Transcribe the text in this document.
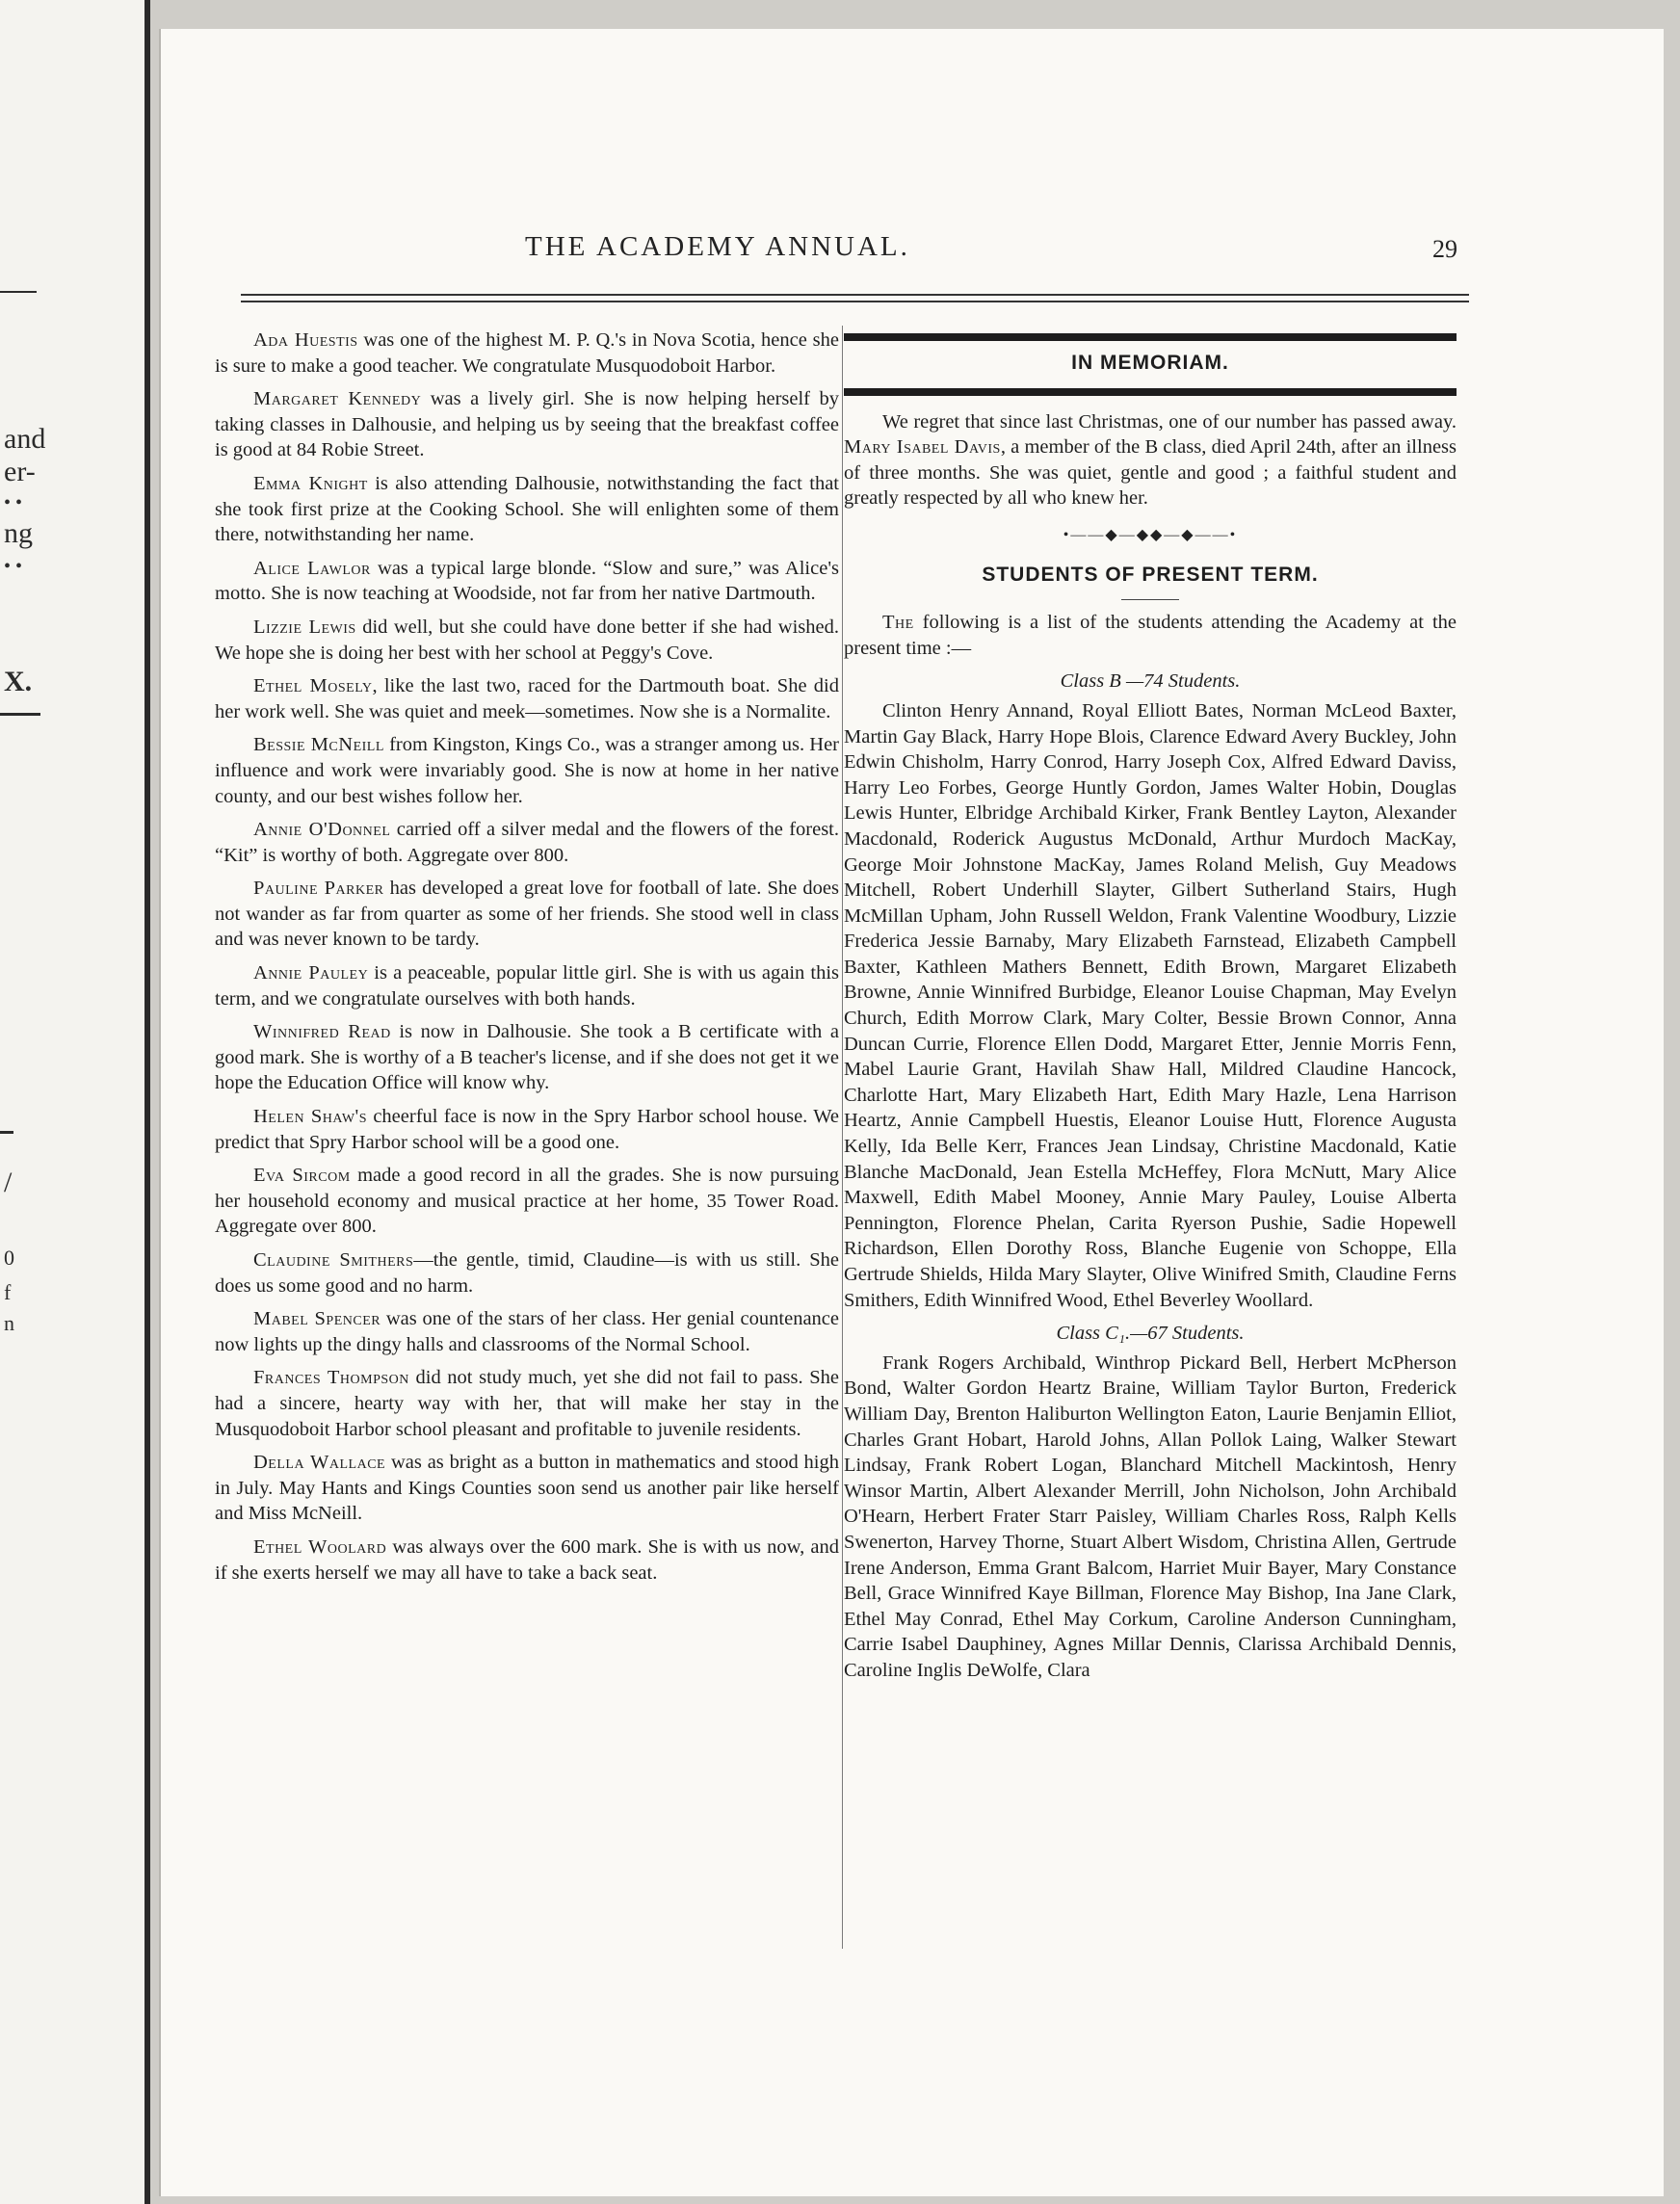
and
er-
• •
ng
• •
X.
/
0
f
n
THE ACADEMY ANNUAL.	29

Ada Huestis was one of the highest M. P. Q.'s in Nova Scotia, hence she is sure to make a good teacher. We congratulate Musquodoboit Harbor.

Margaret Kennedy was a lively girl. She is now helping herself by taking classes in Dalhousie, and helping us by seeing that the breakfast coffee is good at 84 Robie Street.

Emma Knight is also attending Dalhousie, notwithstanding the fact that she took first prize at the Cooking School. She will enlighten some of them there, notwithstanding her name.

Alice Lawlor was a typical large blonde. “Slow and sure,” was Alice's motto. She is now teaching at Woodside, not far from her native Dartmouth.

Lizzie Lewis did well, but she could have done better if she had wished. We hope she is doing her best with her school at Peggy's Cove.

Ethel Mosely, like the last two, raced for the Dartmouth boat. She did her work well. She was quiet and meek—sometimes. Now she is a Normalite.

Bessie McNeill from Kingston, Kings Co., was a stranger among us. Her influence and work were invariably good. She is now at home in her native county, and our best wishes follow her.

Annie O'Donnel carried off a silver medal and the flowers of the forest. “Kit” is worthy of both. Aggregate over 800.

Pauline Parker has developed a great love for football of late. She does not wander as far from quarter as some of her friends. She stood well in class and was never known to be tardy.

Annie Pauley is a peaceable, popular little girl. She is with us again this term, and we congratulate ourselves with both hands.

Winnifred Read is now in Dalhousie. She took a B certificate with a good mark. She is worthy of a B teacher's license, and if she does not get it we hope the Education Office will know why.

Helen Shaw's cheerful face is now in the Spry Harbor school house. We predict that Spry Harbor school will be a good one.

Eva Sircom made a good record in all the grades. She is now pursuing her household economy and musical practice at her home, 35 Tower Road. Aggregate over 800.

Claudine Smithers—the gentle, timid, Claudine—is with us still. She does us some good and no harm.

Mabel Spencer was one of the stars of her class. Her genial countenance now lights up the dingy halls and classrooms of the Normal School.

Frances Thompson did not study much, yet she did not fail to pass. She had a sincere, hearty way with her, that will make her stay in the Musquodoboit Harbor school pleasant and profitable to juvenile residents.

Della Wallace was as bright as a button in mathematics and stood high in July. May Hants and Kings Counties soon send us another pair like herself and Miss McNeill.

Ethel Woolard was always over the 600 mark. She is with us now, and if she exerts herself we may all have to take a back seat.

IN MEMORIAM.

We regret that since last Christmas, one of our number has passed away. Mary Isabel Davis, a member of the B class, died April 24th, after an illness of three months. She was quiet, gentle and good ; a faithful student and greatly respected by all who knew her.

•——◆—◆◆—◆——•
STUDENTS OF PRESENT TERM.

The following is a list of the students attending the Academy at the present time :—

Class B —74 Students.

Clinton Henry Annand, Royal Elliott Bates, Norman McLeod Baxter, Martin Gay Black, Harry Hope Blois, Clarence Edward Avery Buckley, John Edwin Chisholm, Harry Conrod, Harry Joseph Cox, Alfred Edward Daviss, Harry Leo Forbes, George Huntly Gordon, James Walter Hobin, Douglas Lewis Hunter, Elbridge Archibald Kirker, Frank Bentley Layton, Alexander Macdonald, Roderick Augustus McDonald, Arthur Murdoch MacKay, George Moir Johnstone MacKay, James Roland Melish, Guy Meadows Mitchell, Robert Underhill Slayter, Gilbert Sutherland Stairs, Hugh McMillan Upham, John Russell Weldon, Frank Valentine Woodbury, Lizzie Frederica Jessie Barnaby, Mary Elizabeth Farnstead, Elizabeth Campbell Baxter, Kathleen Mathers Bennett, Edith Brown, Margaret Elizabeth Browne, Annie Winnifred Burbidge, Eleanor Louise Chapman, May Evelyn Church, Edith Morrow Clark, Mary Colter, Bessie Brown Connor, Anna Duncan Currie, Florence Ellen Dodd, Margaret Etter, Jennie Morris Fenn, Mabel Laurie Grant, Havilah Shaw Hall, Mildred Claudine Hancock, Charlotte Hart, Mary Elizabeth Hart, Edith Mary Hazle, Lena Harrison Heartz, Annie Campbell Huestis, Eleanor Louise Hutt, Florence Augusta Kelly, Ida Belle Kerr, Frances Jean Lindsay, Christine Macdonald, Katie Blanche MacDonald, Jean Estella McHeffey, Flora McNutt, Mary Alice Maxwell, Edith Mabel Mooney, Annie Mary Pauley, Louise Alberta Pennington, Florence Phelan, Carita Ryerson Pushie, Sadie Hopewell Richardson, Ellen Dorothy Ross, Blanche Eugenie von Schoppe, Ella Gertrude Shields, Hilda Mary Slayter, Olive Winifred Smith, Claudine Ferns Smithers, Edith Winnifred Wood, Ethel Beverley Woollard.

Class C₁.—67 Students.

Frank Rogers Archibald, Winthrop Pickard Bell, Herbert McPherson Bond, Walter Gordon Heartz Braine, William Taylor Burton, Frederick William Day, Brenton Haliburton Wellington Eaton, Laurie Benjamin Elliot, Charles Grant Hobart, Harold Johns, Allan Pollok Laing, Walker Stewart Lindsay, Frank Robert Logan, Blanchard Mitchell Mackintosh, Henry Winsor Martin, Albert Alexander Merrill, John Nicholson, John Archibald O'Hearn, Herbert Frater Starr Paisley, William Charles Ross, Ralph Kells Swenerton, Harvey Thorne, Stuart Albert Wisdom, Christina Allen, Gertrude Irene Anderson, Emma Grant Balcom, Harriet Muir Bayer, Mary Constance Bell, Grace Winnifred Kaye Billman, Florence May Bishop, Ina Jane Clark, Ethel May Conrad, Ethel May Corkum, Caroline Anderson Cunningham, Carrie Isabel Dauphiney, Agnes Millar Dennis, Clarissa Archibald Dennis, Caroline Inglis DeWolfe, Clara
